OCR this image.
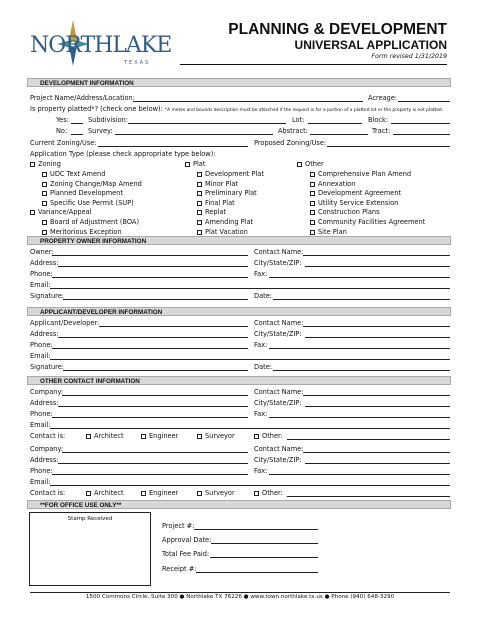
NORTHLAKE
TEXAS
PLANNING & DEVELOPMENT
UNIVERSAL APPLICATION
Form revised 1/31/2019
DEVELOPMENT INFORMATION
Project Name/Address/Location:	Acreage:
Is property platted*? (check one below): *A metes and bounds description must be attached if the request is for a portion of a platted lot or the property is not platted.
Yes:	Subdivision:	Lot:	Block:
No:	Survey:	Abstract:	Tract:
Current Zoning/Use:	Proposed Zoning/Use:
Application Type (please check appropriate type below):
Zoning
UDC Text Amend
Zoning Change/Map Amend
Planned Development
Specific Use Permit (SUP)
Variance/Appeal
Board of Adjustment (BOA)
Meritorious Exception
Plat
Development Plat
Minor Plat
Preliminary Plat
Final Plat
Replat
Amending Plat
Plat Vacation
Other
Comprehensive Plan Amend
Annexation
Development Agreement
Utility Service Extension
Construction Plans
Community Facilities Agreement
Site Plan
PROPERTY OWNER INFORMATION
Owner:	Contact Name:
Address:	City/State/ZIP:
Phone:	Fax:
Email:
Signature:	Date:
APPLICANT/DEVELOPER INFORMATION
Applicant/Developer:	Contact Name:
Address:	City/State/ZIP:
Phone:	Fax:
Email:
Signature:	Date:
OTHER CONTACT INFORMATION
Company:	Contact Name:
Address:	City/State/ZIP:
Phone:	Fax:
Email:
Contact is:	Architect	Engineer	Surveyor	Other:
Company:	Contact Name:
Address:	City/State/ZIP:
Phone:	Fax:
Email:
Contact is:	Architect	Engineer	Surveyor	Other:
**FOR OFFICE USE ONLY**
Stamp Received
Project #:
Approval Date:
Total Fee Paid:
Receipt #:
1500 Commons Circle, Suite 300 ● Northlake TX 76226 ● www.town.northlake.tx.us ● Phone (940) 648-3290
